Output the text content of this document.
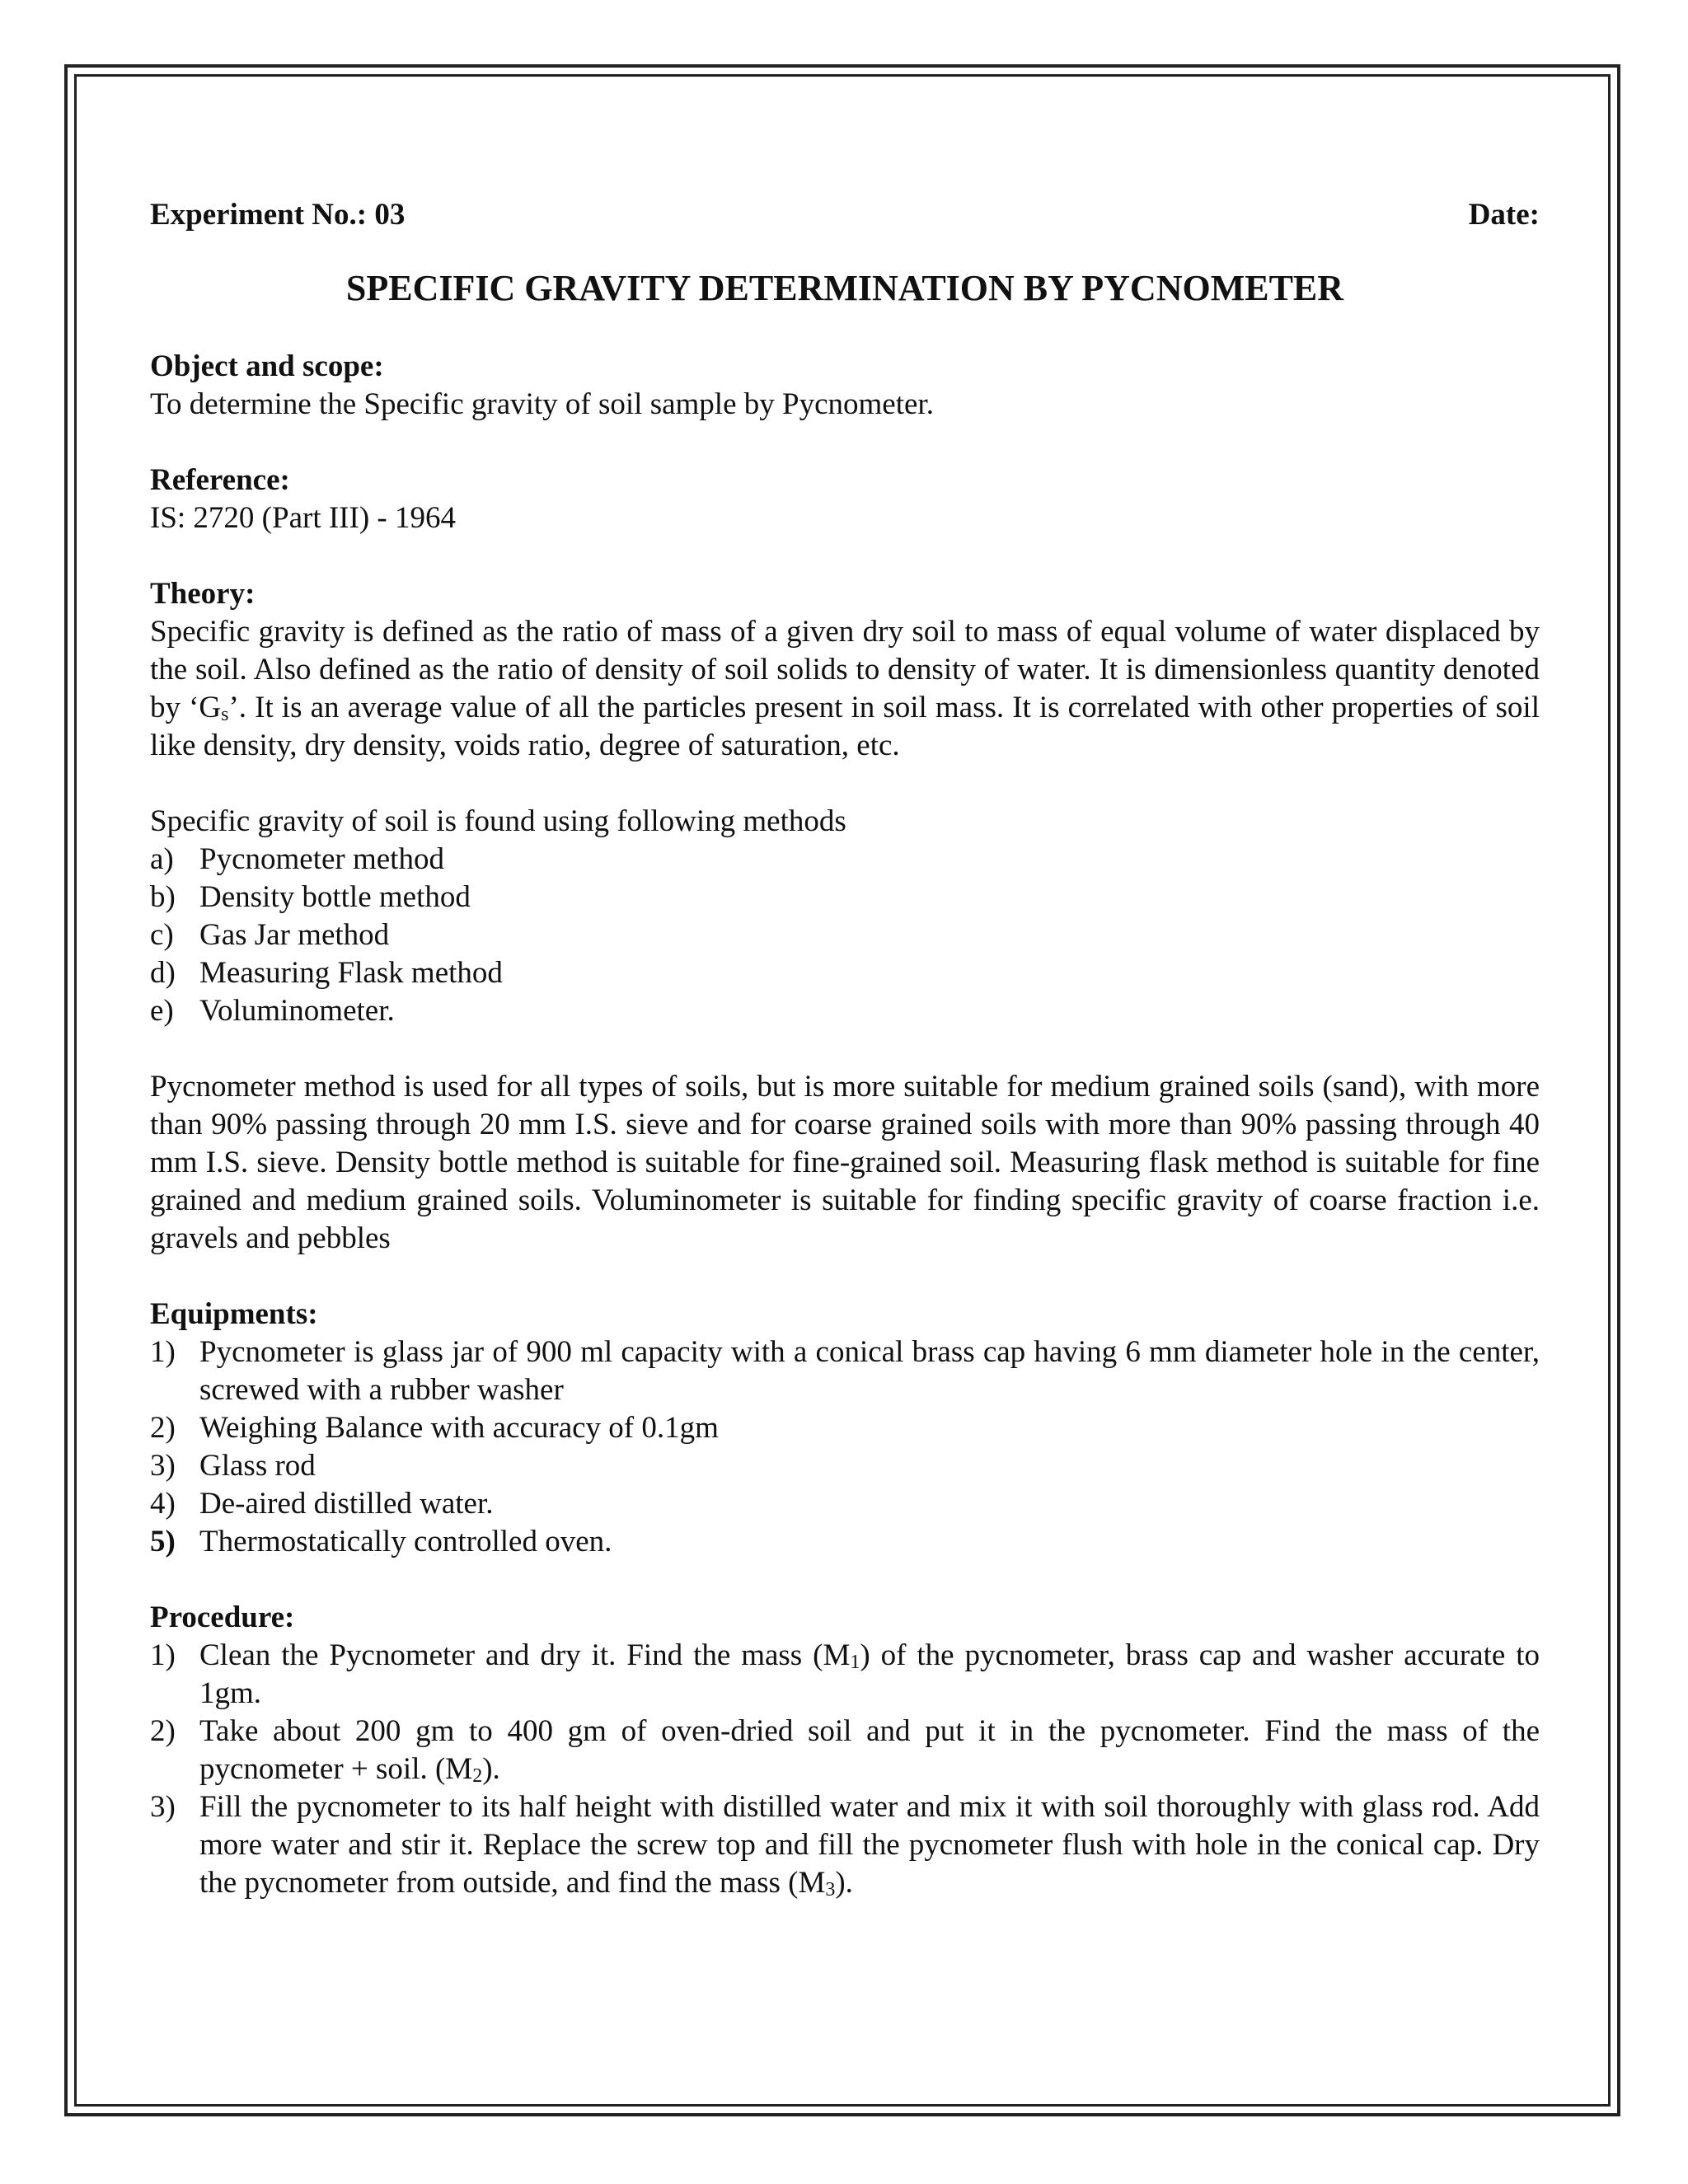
Experiment No.: 03	Date:
SPECIFIC GRAVITY DETERMINATION BY PYCNOMETER

Object and scope:

To determine the Specific gravity of soil sample by Pycnometer.

Reference:

IS: 2720 (Part III) - 1964

Theory:

Specific gravity is defined as the ratio of mass of a given dry soil to mass of equal volume of water displaced by the soil. Also defined as the ratio of density of soil solids to density of water. It is dimensionless quantity denoted by ‘$G_s$’. It is an average value of all the particles present in soil mass. It is correlated with other properties of soil like density, dry density, voids ratio, degree of saturation, etc.

Specific gravity of soil is found using following methods

a) Pycnometer method
b) Density bottle method
c) Gas Jar method
d) Measuring Flask method
e) Voluminometer.

Pycnometer method is used for all types of soils, but is more suitable for medium grained soils (sand), with more than 90% passing through 20 mm I.S. sieve and for coarse grained soils with more than 90% passing through 40 mm I.S. sieve. Density bottle method is suitable for fine-grained soil. Measuring flask method is suitable for fine grained and medium grained soils. Voluminometer is suitable for finding specific gravity of coarse fraction i.e. gravels and pebbles

Equipments:

1) Pycnometer is glass jar of 900 ml capacity with a conical brass cap having 6 mm diameter hole in the center, screwed with a rubber washer
2) Weighing Balance with accuracy of 0.1gm
3) Glass rod
4) De-aired distilled water.
5) Thermostatically controlled oven.

Procedure:

1) Clean the Pycnometer and dry it. Find the mass $(M_1)$ of the pycnometer, brass cap and washer accurate to 1gm.
2) Take about 200 gm to 400 gm of oven-dried soil and put it in the pycnometer. Find the mass of the pycnometer + soil. $(M_2)$.
3) Fill the pycnometer to its half height with distilled water and mix it with soil thoroughly with glass rod. Add more water and stir it. Replace the screw top and fill the pycnometer flush with hole in the conical cap. Dry the pycnometer from outside, and find the mass $(M_3)$.
